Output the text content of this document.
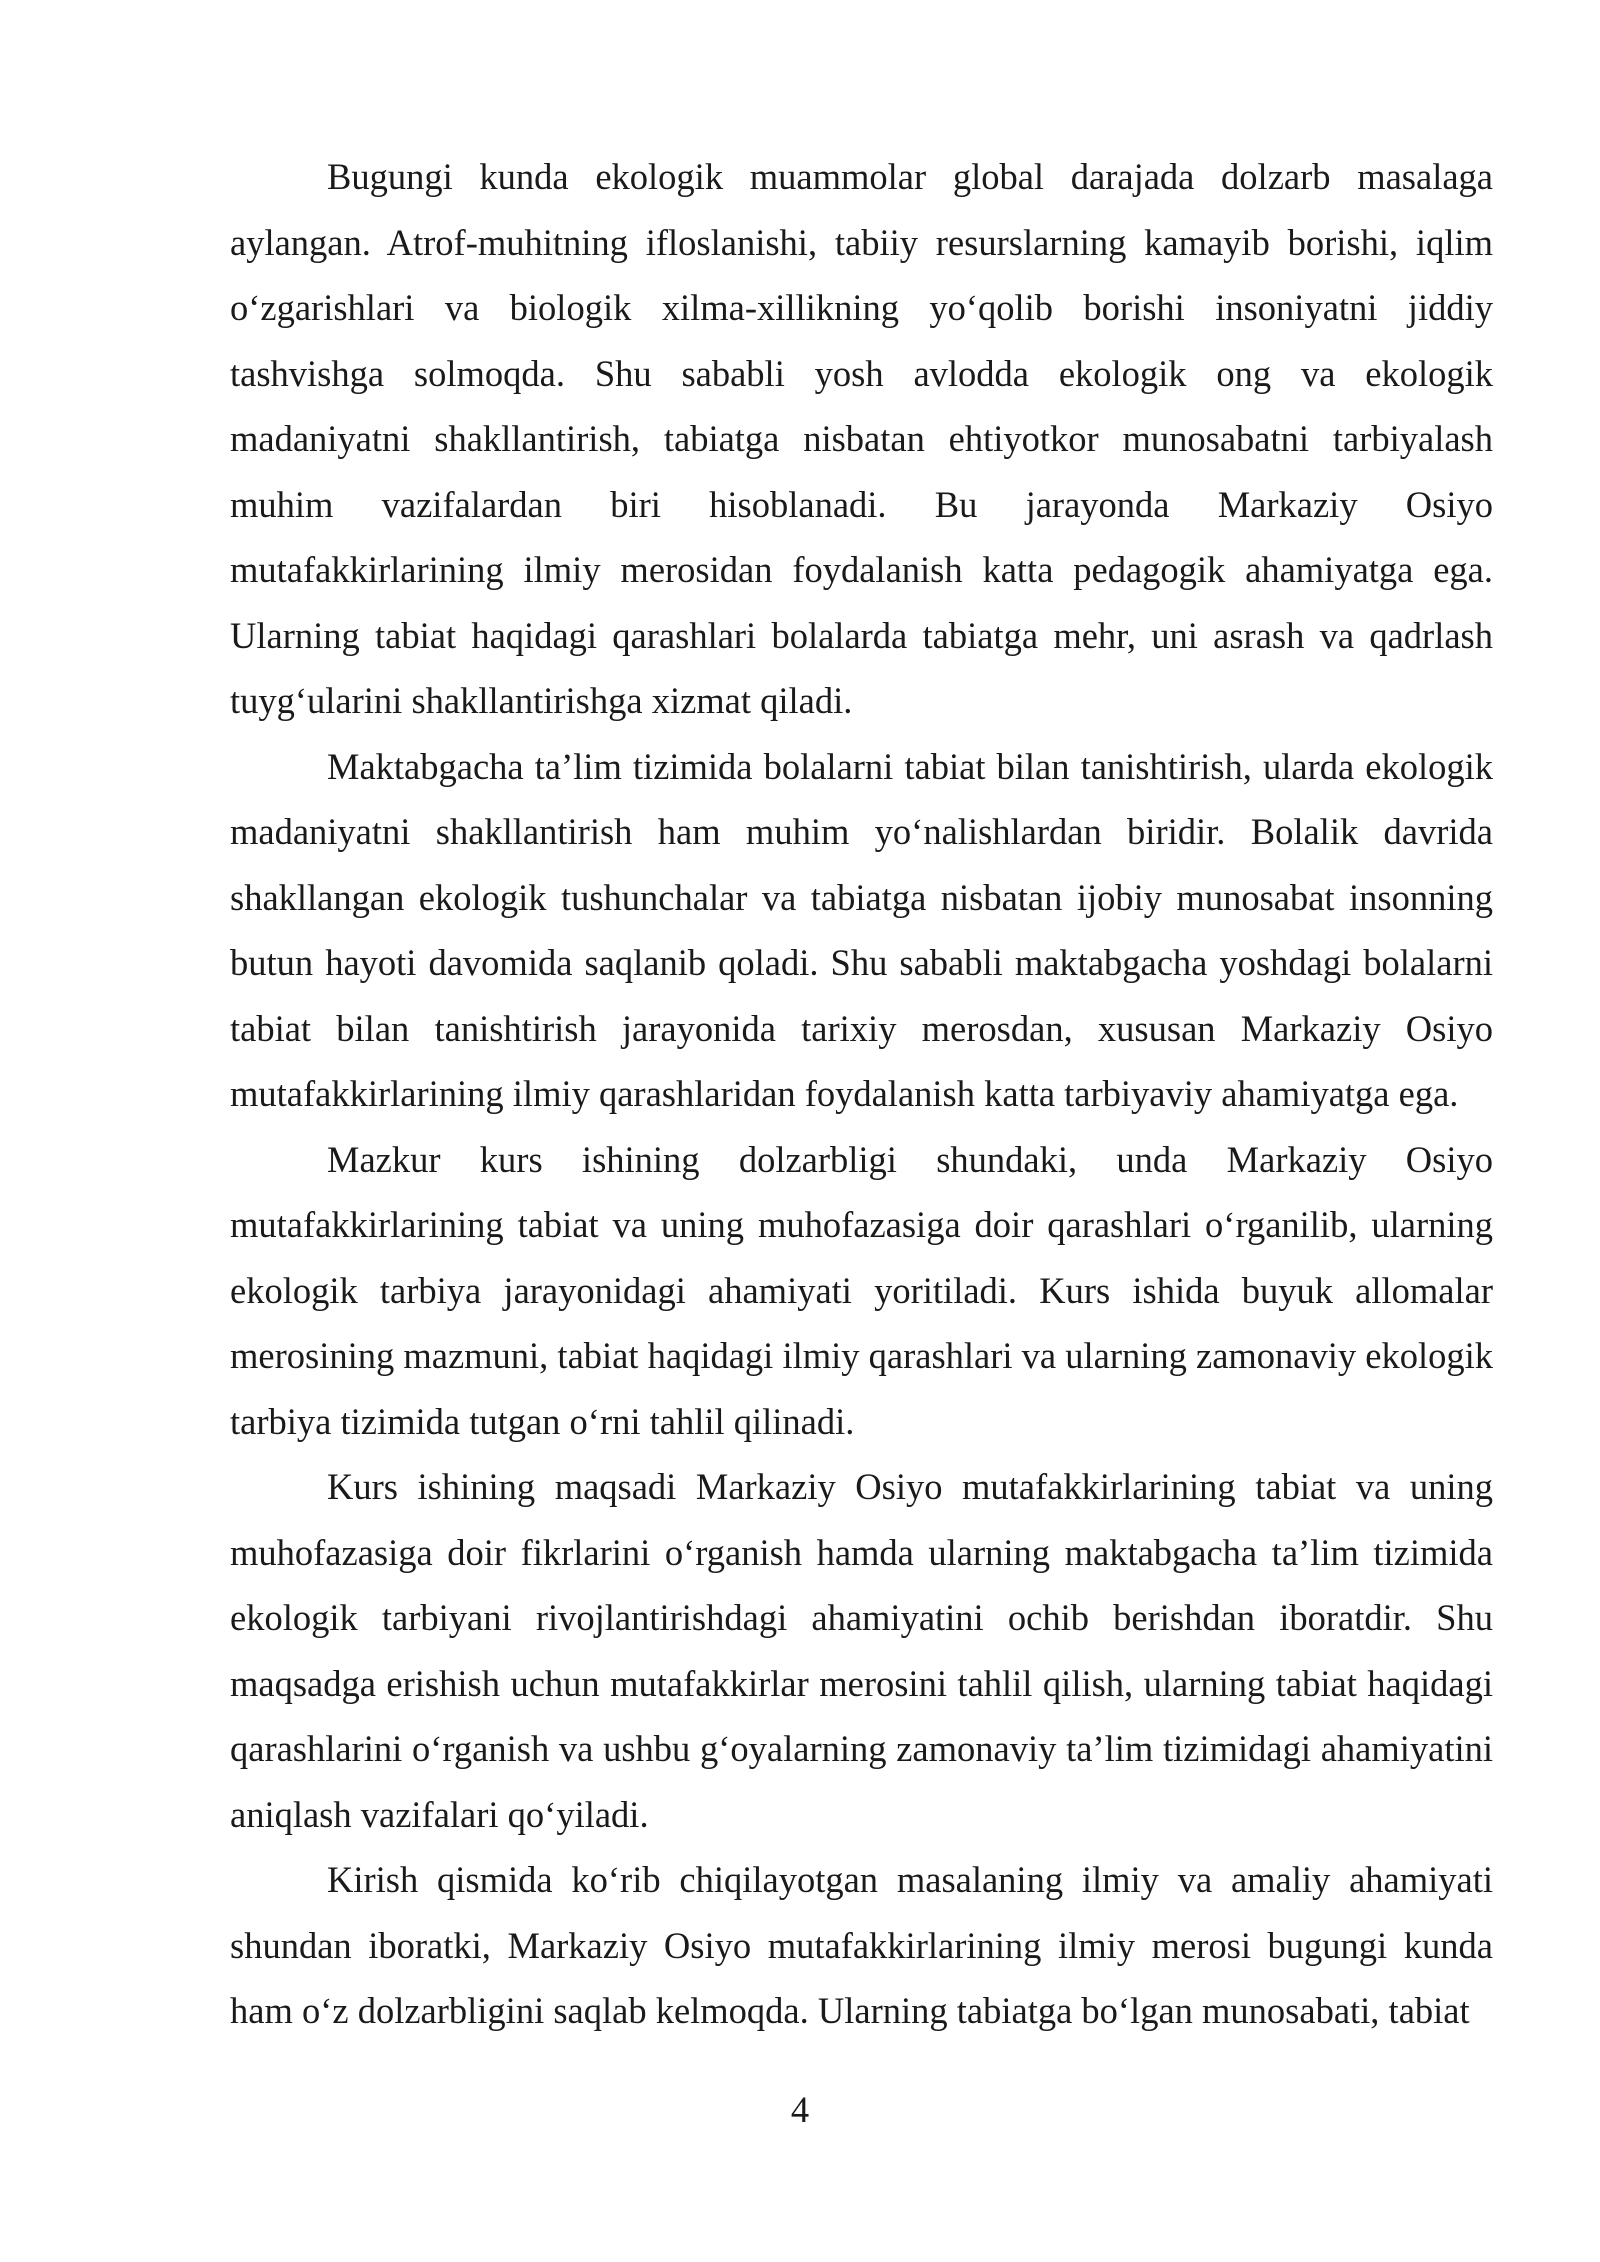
Bugungi kunda ekologik muammolar global darajada dolzarb masalaga aylangan. Atrof-muhitning ifloslanishi, tabiiy resurslarning kamayib borishi, iqlim oʻzgarishlari va biologik xilma-xillikning yoʻqolib borishi insoniyatni jiddiy tashvishga solmoqda. Shu sababli yosh avlodda ekologik ong va ekologik madaniyatni shakllantirish, tabiatga nisbatan ehtiyotkor munosabatni tarbiyalash muhim vazifalardan biri hisoblanadi. Bu jarayonda Markaziy Osiyo mutafakkirlarining ilmiy merosidan foydalanish katta pedagogik ahamiyatga ega. Ularning tabiat haqidagi qarashlari bolalarda tabiatga mehr, uni asrash va qadrlash tuygʻularini shakllantirishga xizmat qiladi.

Maktabgacha taʼlim tizimida bolalarni tabiat bilan tanishtirish, ularda ekologik madaniyatni shakllantirish ham muhim yoʻnalishlardan biridir. Bolalik davrida shakllangan ekologik tushunchalar va tabiatga nisbatan ijobiy munosabat insonning butun hayoti davomida saqlanib qoladi. Shu sababli maktabgacha yoshdagi bolalarni tabiat bilan tanishtirish jarayonida tarixiy merosdan, xususan Markaziy Osiyo mutafakkirlarining ilmiy qarashlaridan foydalanish katta tarbiyaviy ahamiyatga ega.

Mazkur kurs ishining dolzarbligi shundaki, unda Markaziy Osiyo mutafakkirlarining tabiat va uning muhofazasiga doir qarashlari oʻrganilib, ularning ekologik tarbiya jarayonidagi ahamiyati yoritiladi. Kurs ishida buyuk allomalar merosining mazmuni, tabiat haqidagi ilmiy qarashlari va ularning zamonaviy ekologik tarbiya tizimida tutgan oʻrni tahlil qilinadi.

Kurs ishining maqsadi Markaziy Osiyo mutafakkirlarining tabiat va uning muhofazasiga doir fikrlarini oʻrganish hamda ularning maktabgacha taʼlim tizimida ekologik tarbiyani rivojlantirishdagi ahamiyatini ochib berishdan iboratdir. Shu maqsadga erishish uchun mutafakkirlar merosini tahlil qilish, ularning tabiat haqidagi qarashlarini oʻrganish va ushbu gʻoyalarning zamonaviy taʼlim tizimidagi ahamiyatini aniqlash vazifalari qoʻyiladi.

Kirish qismida koʻrib chiqilayotgan masalaning ilmiy va amaliy ahamiyati shundan iboratki, Markaziy Osiyo mutafakkirlarining ilmiy merosi bugungi kunda ham oʻz dolzarbligini saqlab kelmoqda. Ularning tabiatga boʻlgan munosabati, tabiat

4
